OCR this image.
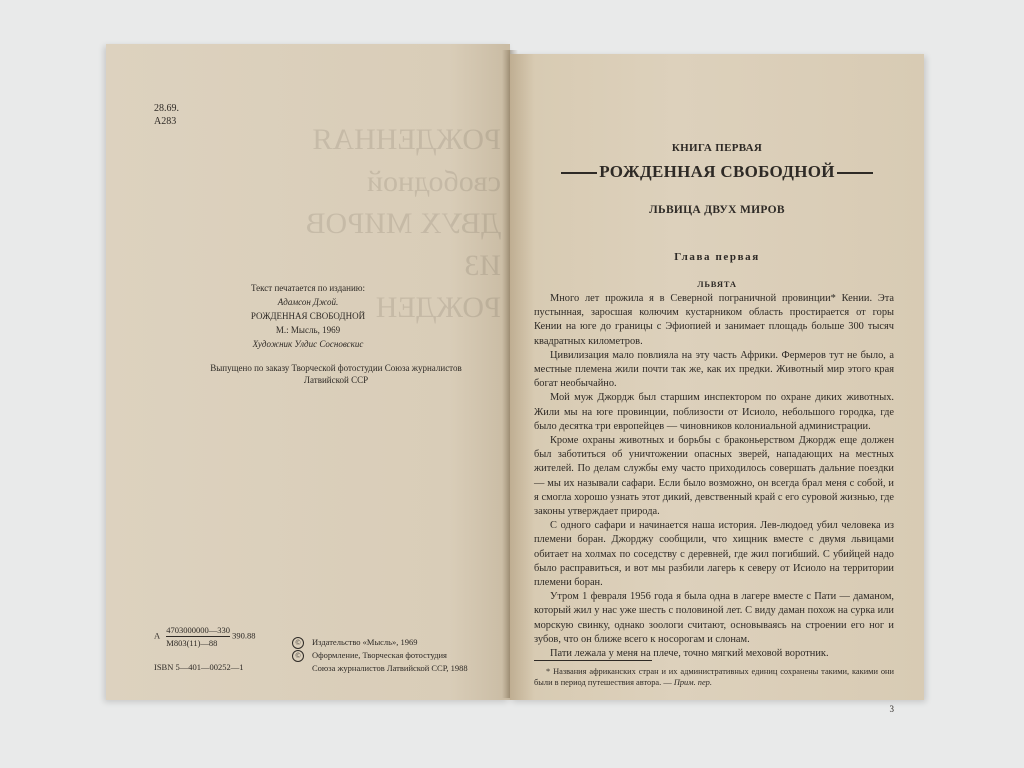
РОЖДЕННАЯ
свободной
ДВУХ МИРОВ
ИЗ
РОЖДЕН
28.69.
A283
Текст печатается по изданию:
Адамсон Джой.
РОЖДЕННАЯ СВОБОДНОЙ
М.: Мысль, 1969
Художник Улдис Сосновскис
Выпущено по заказу Творческой фотостудии Союза журналистов
Латвийской ССР
А $\frac{4703000000—330}{М803(11)—88} 390.88$
ISBN 5—401—00252—1
© Издательство «Мысль», 1969
© Оформление, Творческая фотостудия
Союза журналистов Латвийской ССР, 1988
КНИГА ПЕРВАЯ
РОЖДЕННАЯ СВОБОДНОЙ
ЛЬВИЦА ДВУХ МИРОВ
Глава первая
ЛЬВЯТА

Много лет прожила я в Северной пограничной провинции* Кении. Эта пустынная, заросшая колючим кустарником область простирается от горы Кении на юге до границы с Эфиопией и занимает площадь больше 300 тысяч квадратных километров.

Цивилизация мало повлияла на эту часть Африки. Фермеров тут не было, а местные племена жили почти так же, как их предки. Животный мир этого края богат необычайно.

Мой муж Джордж был старшим инспектором по охране диких животных. Жили мы на юге провинции, поблизости от Исиоло, небольшого городка, где было десятка три европейцев — чиновников колониальной администрации.

Кроме охраны животных и борьбы с браконьерством Джордж еще должен был заботиться об уничтожении опасных зверей, нападающих на местных жителей. По делам службы ему часто приходилось совершать дальние поездки — мы их называли сафари. Если было возможно, он всегда брал меня с собой, и я смогла хорошо узнать этот дикий, девственный край с его суровой жизнью, где законы утверждает природа.

С одного сафари и начинается наша история. Лев-людоед убил человека из племени боран. Джорджу сообщили, что хищник вместе с двумя львицами обитает на холмах по соседству с деревней, где жил погибший. С убийцей надо было расправиться, и вот мы разбили лагерь к северу от Исиоло на территории племени боран.

Утром 1 февраля 1956 года я была одна в лагере вместе с Пати — даманом, который жил у нас уже шесть с половиной лет. С виду даман похож на сурка или морскую свинку, однако зоологи считают, основываясь на строении его ног и зубов, что он ближе всего к носорогам и слонам.

Пати лежала у меня на плече, точно мягкий меховой воротник.

* Названия африканских стран и их административных единиц сохранены такими, какими они были в период путешествия автора. — Прим. пер.
3
